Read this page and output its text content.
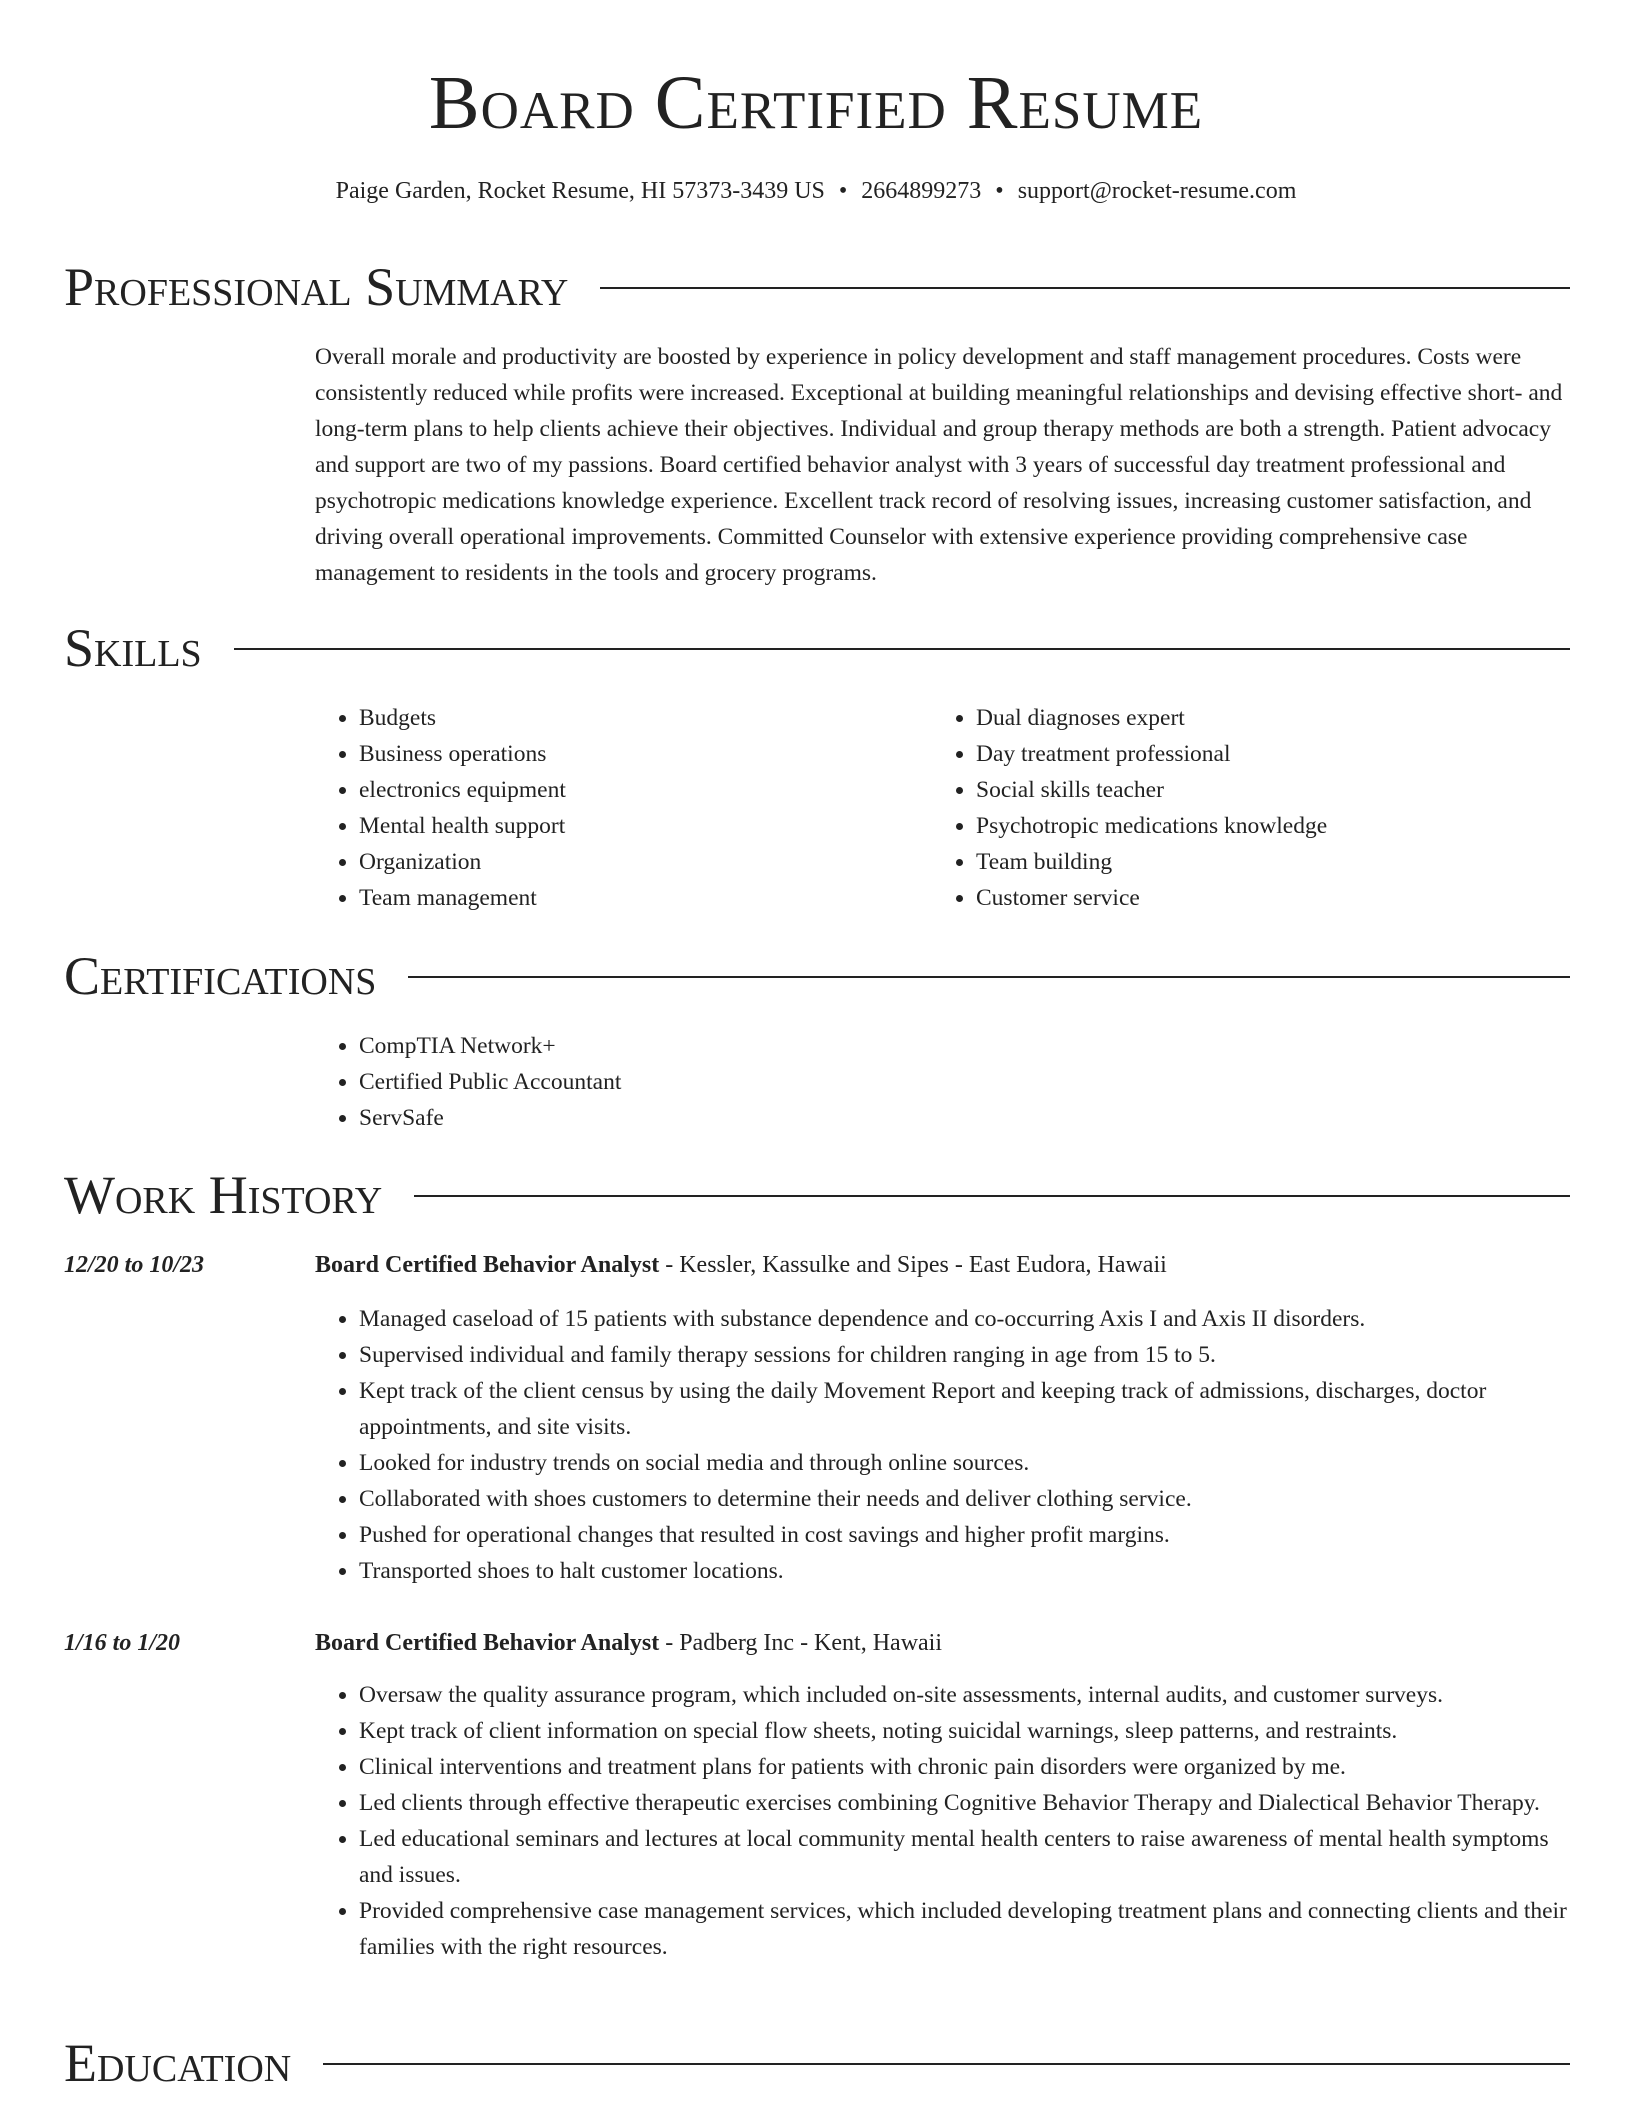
Board Certified Resume
Paige Garden, Rocket Resume, HI 57373-3439 US • 2664899273 • support@rocket-resume.com
Professional Summary

Overall morale and productivity are boosted by experience in policy development and staff management procedures. Costs were consistently reduced while profits were increased. Exceptional at building meaningful relationships and devising effective short- and long-term plans to help clients achieve their objectives. Individual and group therapy methods are both a strength. Patient advocacy and support are two of my passions. Board certified behavior analyst with 3 years of successful day treatment professional and psychotropic medications knowledge experience. Excellent track record of resolving issues, increasing customer satisfaction, and driving overall operational improvements. Committed Counselor with extensive experience providing comprehensive case management to residents in the tools and grocery programs.

Skills
• Budgets
• Business operations
• electronics equipment
• Mental health support
• Organization
• Team management
• Dual diagnoses expert
• Day treatment professional
• Social skills teacher
• Psychotropic medications knowledge
• Team building
• Customer service
Certifications
• CompTIA Network+
• Certified Public Accountant
• ServSafe
Work History
12/20 to 10/23	Board Certified Behavior Analyst - Kessler, Kassulke and Sipes - East Eudora, Hawaii
• Managed caseload of 15 patients with substance dependence and co-occurring Axis I and Axis II disorders.
• Supervised individual and family therapy sessions for children ranging in age from 15 to 5.
• Kept track of the client census by using the daily Movement Report and keeping track of admissions, discharges, doctor appointments, and site visits.
• Looked for industry trends on social media and through online sources.
• Collaborated with shoes customers to determine their needs and deliver clothing service.
• Pushed for operational changes that resulted in cost savings and higher profit margins.
• Transported shoes to halt customer locations.
1/16 to 1/20	Board Certified Behavior Analyst - Padberg Inc - Kent, Hawaii
• Oversaw the quality assurance program, which included on-site assessments, internal audits, and customer surveys.
• Kept track of client information on special flow sheets, noting suicidal warnings, sleep patterns, and restraints.
• Clinical interventions and treatment plans for patients with chronic pain disorders were organized by me.
• Led clients through effective therapeutic exercises combining Cognitive Behavior Therapy and Dialectical Behavior Therapy.
• Led educational seminars and lectures at local community mental health centers to raise awareness of mental health symptoms and issues.
• Provided comprehensive case management services, which included developing treatment plans and connecting clients and their families with the right resources.
Education
